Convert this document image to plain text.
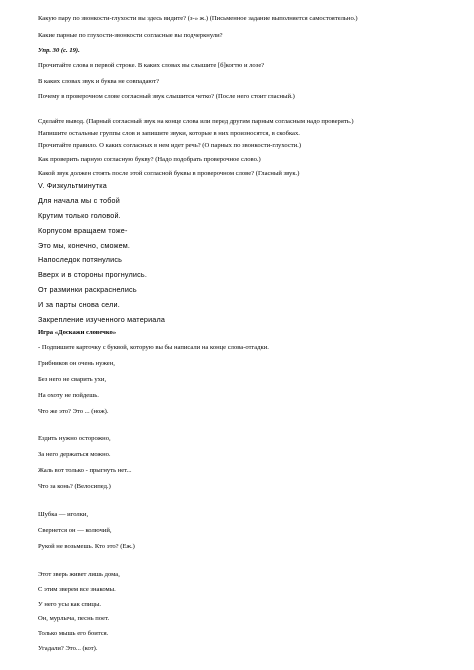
Какую пару по звонкости-глухости вы здесь видите? (з-» ж.) (Письменное задание выполняется самостоятельно.)
Какие парные по глухости-звонкости согласные вы подчеркнули?
Упр. 30 (с. 19).
Прочитайте слова в первой строке. В каких словах вы слышите [б]когтю и лозе?
В каких словах звук и буква не совпадают?
Почему в проверочном слове согласный звук слышится четко? (После него стоит гласный.)
Сделайте вывод. (Парный согласный звук на конце слова или перед другим парным согласным надо проверять.)
Напишите остальные группы слов и запишите звуки, которые в них произносятся, в скобках.
Прочитайте правило. О каких согласных в нем идет речь? (О парных по звонкости-глухости.)
Как проверить парную согласную букву? (Надо подобрать проверочное слово.)
Какой звук должен стоять после этой согласной буквы в проверочном слове? (Гласный звук.)
V. Физкультминутка
Для начала мы с тобой
Крутим только головой.
Корпусом вращаем тоже-
Это мы, конечно, сможем.
Напоследок потянулись
Вверх и в стороны прогнулись.
От разминки раскраснелись
И за парты снова сели.
Закрепление изученного материала
Игра «Доскажи словечко»
- Подпишите карточку с буквой, которую вы бы написали на конце слова-отгадки.
Грибников он очень нужен,
Без него не сварить ухи,
На охоту не пойдешь.
Что же это? Это ... (нож).
Ездить нужно осторожно,
За него держаться можно.
Жаль вот только - прыгнуть нет...
Что за конь? (Велосипед.)
Шубка — иголки,
Свернется он — колючий,
Рукой не возьмешь. Кто это? (Еж.)
Этот зверь живет лишь дома,
С этим зверем все знакомы.
У него усы как спицы.
Он, мурлыча, песнь поет.
Только мышь его боится.
Угадали? Это... (кот).
